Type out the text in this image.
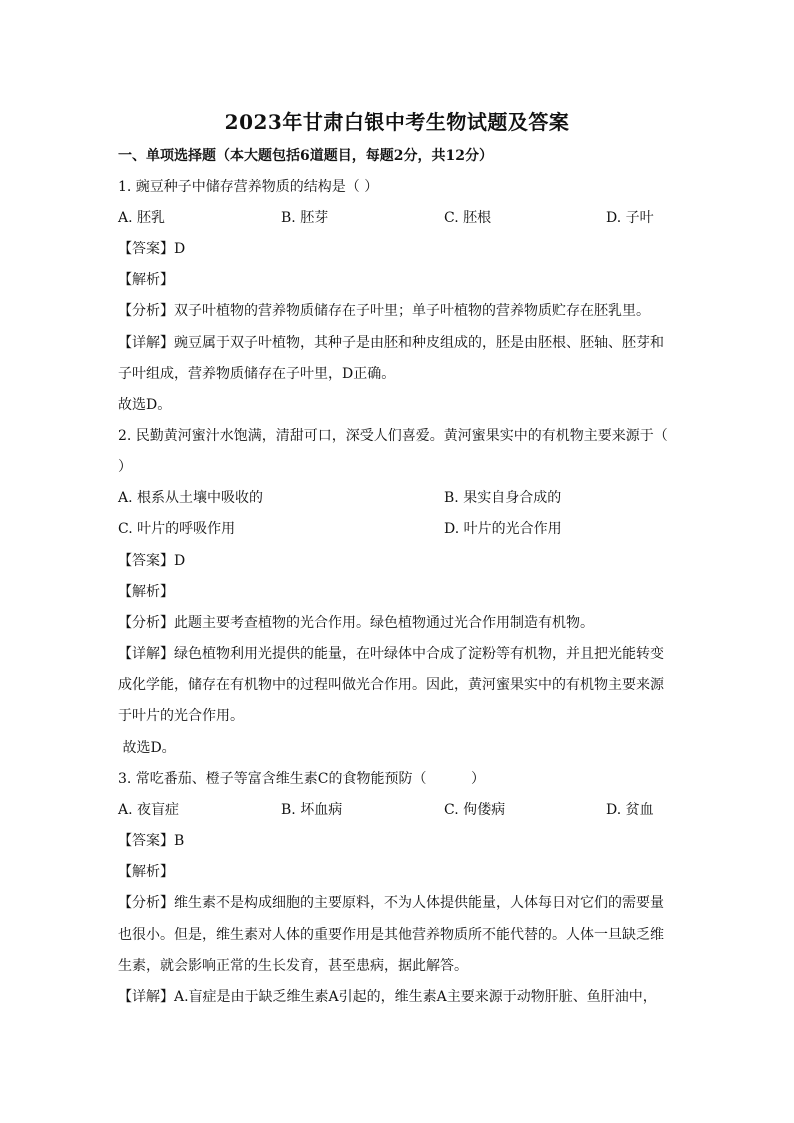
2023年甘肃白银中考生物试题及答案
一、单项选择题（本大题包括6道题目，每题2分，共12分）
1. 豌豆种子中储存营养物质的结构是（ ）
A. 胚乳	B. 胚芽	C. 胚根	D. 子叶
【答案】D
【解析】
【分析】双子叶植物的营养物质储存在子叶里；单子叶植物的营养物质贮存在胚乳里。
【详解】豌豆属于双子叶植物，其种子是由胚和种皮组成的，胚是由胚根、胚轴、胚芽和
子叶组成，营养物质储存在子叶里，D正确。
故选D。
2. 民勤黄河蜜汁水饱满，清甜可口，深受人们喜爱。黄河蜜果实中的有机物主要来源于（
）
A. 根系从土壤中吸收的	B. 果实自身合成的
C. 叶片的呼吸作用	D. 叶片的光合作用
【答案】D
【解析】
【分析】此题主要考查植物的光合作用。绿色植物通过光合作用制造有机物。
【详解】绿色植物利用光提供的能量，在叶绿体中合成了淀粉等有机物，并且把光能转变
成化学能，储存在有机物中的过程叫做光合作用。因此，黄河蜜果实中的有机物主要来源
于叶片的光合作用。
故选D。
3. 常吃番茄、橙子等富含维生素C的食物能预防（          ）
A. 夜盲症	B. 坏血病	C. 佝偻病	D. 贫血
【答案】B
【解析】
【分析】维生素不是构成细胞的主要原料，不为人体提供能量，人体每日对它们的需要量
也很小。但是，维生素对人体的重要作用是其他营养物质所不能代替的。人体一旦缺乏维
生素，就会影响正常的生长发育，甚至患病，据此解答。
【详解】A.盲症是由于缺乏维生素A引起的，维生素A主要来源于动物肝脏、鱼肝油中，
